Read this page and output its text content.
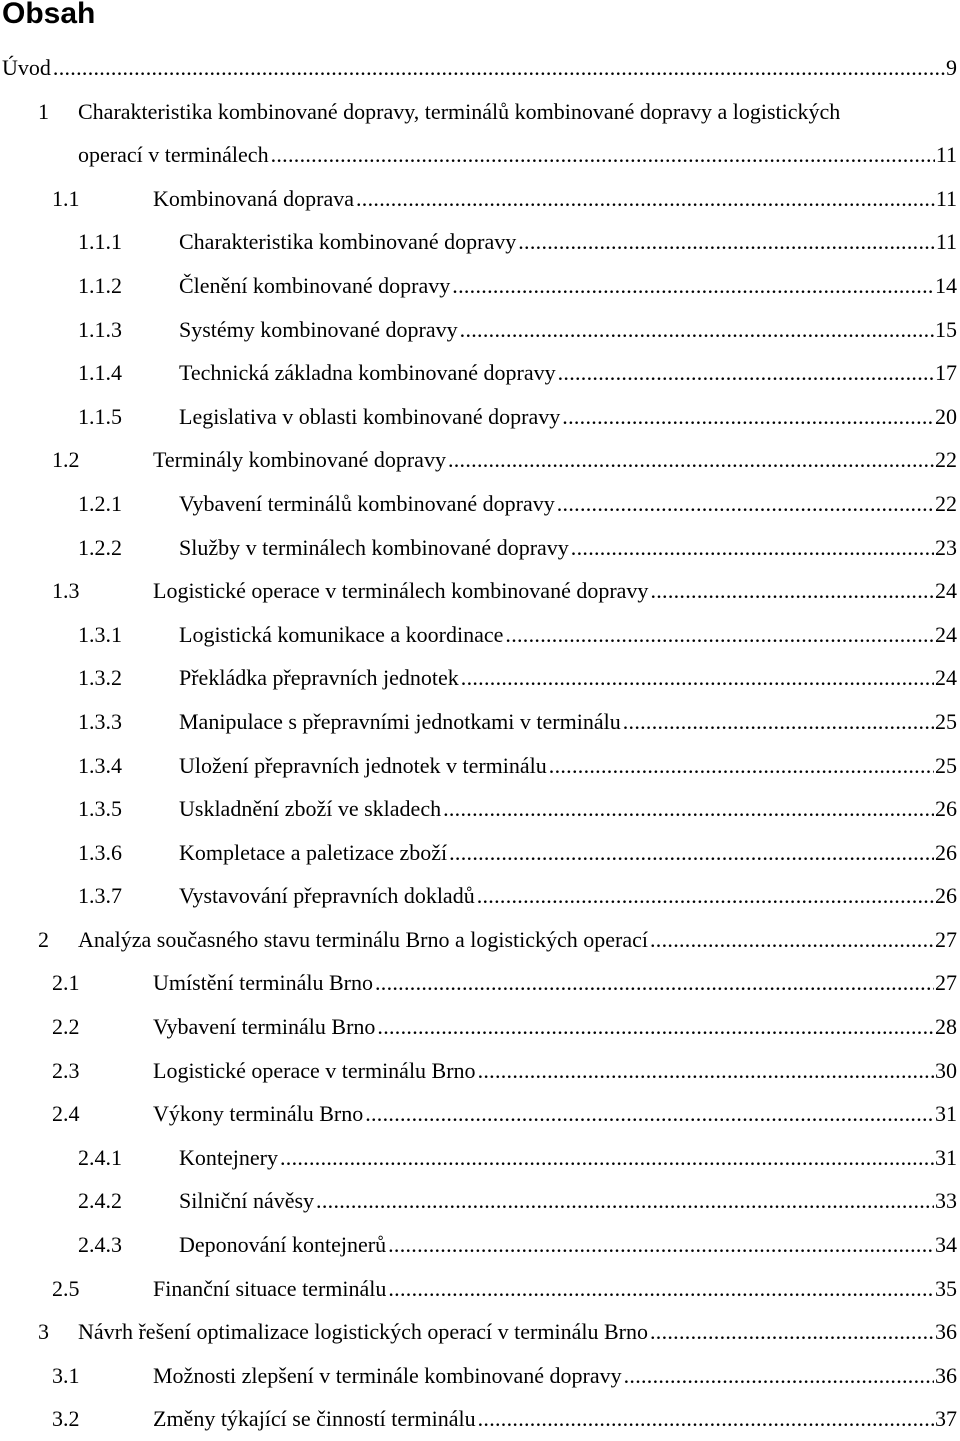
Obsah
Úvod .....	9
1 Charakteristika kombinované dopravy, terminálů kombinované dopravy a logistických
operací v terminálech .....	11
1.1	Kombinovaná doprava .....	11
1.1.1	Charakteristika kombinované dopravy .....	11
1.1.2	Členění kombinované dopravy .....	14
1.1.3	Systémy kombinované dopravy .....	15
1.1.4	Technická základna kombinované dopravy .....	17
1.1.5	Legislativa v oblasti kombinované dopravy .....	20
1.2	Terminály kombinované dopravy .....	22
1.2.1	Vybavení terminálů kombinované dopravy .....	22
1.2.2	Služby v terminálech kombinované dopravy .....	23
1.3	Logistické operace v terminálech kombinované dopravy .....	24
1.3.1	Logistická komunikace a koordinace .....	24
1.3.2	Překládka přepravních jednotek .....	24
1.3.3	Manipulace s přepravními jednotkami v terminálu .....	25
1.3.4	Uložení přepravních jednotek v terminálu .....	25
1.3.5	Uskladnění zboží ve skladech .....	26
1.3.6	Kompletace a paletizace zboží .....	26
1.3.7	Vystavování přepravních dokladů .....	26
2 Analýza současného stavu terminálu Brno a logistických operací .....	27
2.1	Umístění terminálu Brno .....	27
2.2	Vybavení terminálu Brno .....	28
2.3	Logistické operace v terminálu Brno .....	30
2.4	Výkony terminálu Brno .....	31
2.4.1	Kontejnery .....	31
2.4.2	Silniční návěsy .....	33
2.4.3	Deponování kontejnerů .....	34
2.5	Finanční situace terminálu .....	35
3 Návrh řešení optimalizace logistických operací v terminálu Brno .....	36
3.1	Možnosti zlepšení v terminále kombinované dopravy .....	36
3.2	Změny týkající se činností terminálu .....	37
